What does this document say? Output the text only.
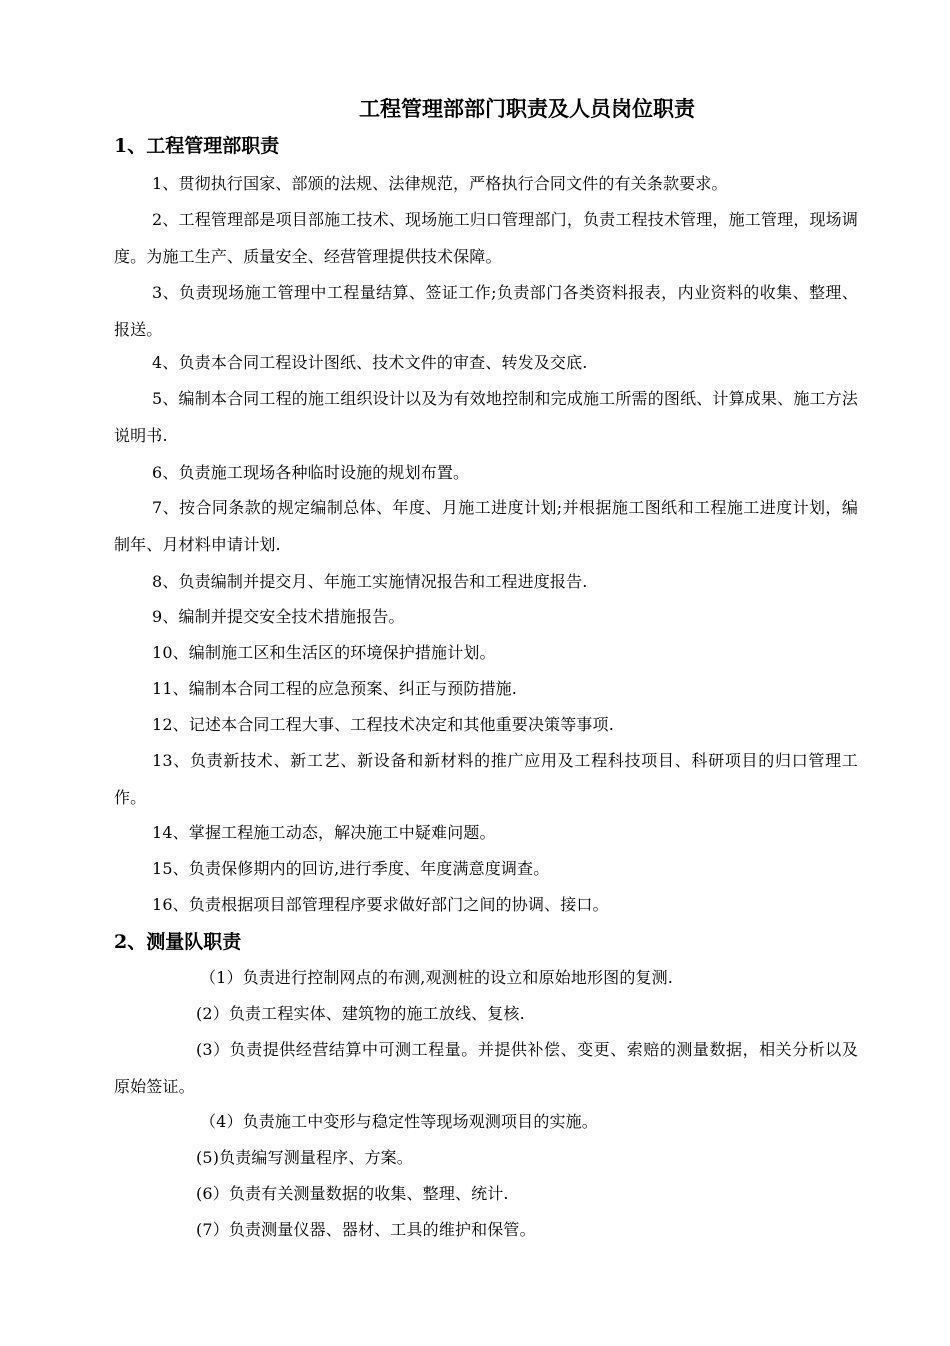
工程管理部部门职责及人员岗位职责
1、工程管理部职责
1、贯彻执行国家、部颁的法规、法律规范，严格执行合同文件的有关条款要求。
2、工程管理部是项目部施工技术、现场施工归口管理部门，负责工程技术管理，施工管理，现场调度。为施工生产、质量安全、经营管理提供技术保障。
3、负责现场施工管理中工程量结算、签证工作;负责部门各类资料报表，内业资料的收集、整理、报送。
4、负责本合同工程设计图纸、技术文件的审查、转发及交底.
5、编制本合同工程的施工组织设计以及为有效地控制和完成施工所需的图纸、计算成果、施工方法说明书.
6、负责施工现场各种临时设施的规划布置。
7、按合同条款的规定编制总体、年度、月施工进度计划;并根据施工图纸和工程施工进度计划，编制年、月材料申请计划.
8、负责编制并提交月、年施工实施情况报告和工程进度报告.
9、编制并提交安全技术措施报告。
10、编制施工区和生活区的环境保护措施计划。
11、编制本合同工程的应急预案、纠正与预防措施.
12、记述本合同工程大事、工程技术决定和其他重要决策等事项.
13、负责新技术、新工艺、新设备和新材料的推广应用及工程科技项目、科研项目的归口管理工作。
14、掌握工程施工动态，解决施工中疑难问题。
15、负责保修期内的回访,进行季度、年度满意度调查。
16、负责根据项目部管理程序要求做好部门之间的协调、接口。
2、测量队职责
（1）负责进行控制网点的布测,观测桩的设立和原始地形图的复测.
(2）负责工程实体、建筑物的施工放线、复核.
(3）负责提供经营结算中可测工程量。并提供补偿、变更、索赔的测量数据，相关分析以及原始签证。
（4）负责施工中变形与稳定性等现场观测项目的实施。
(5)负责编写测量程序、方案。
(6）负责有关测量数据的收集、整理、统计.
(7）负责测量仪器、器材、工具的维护和保管。
